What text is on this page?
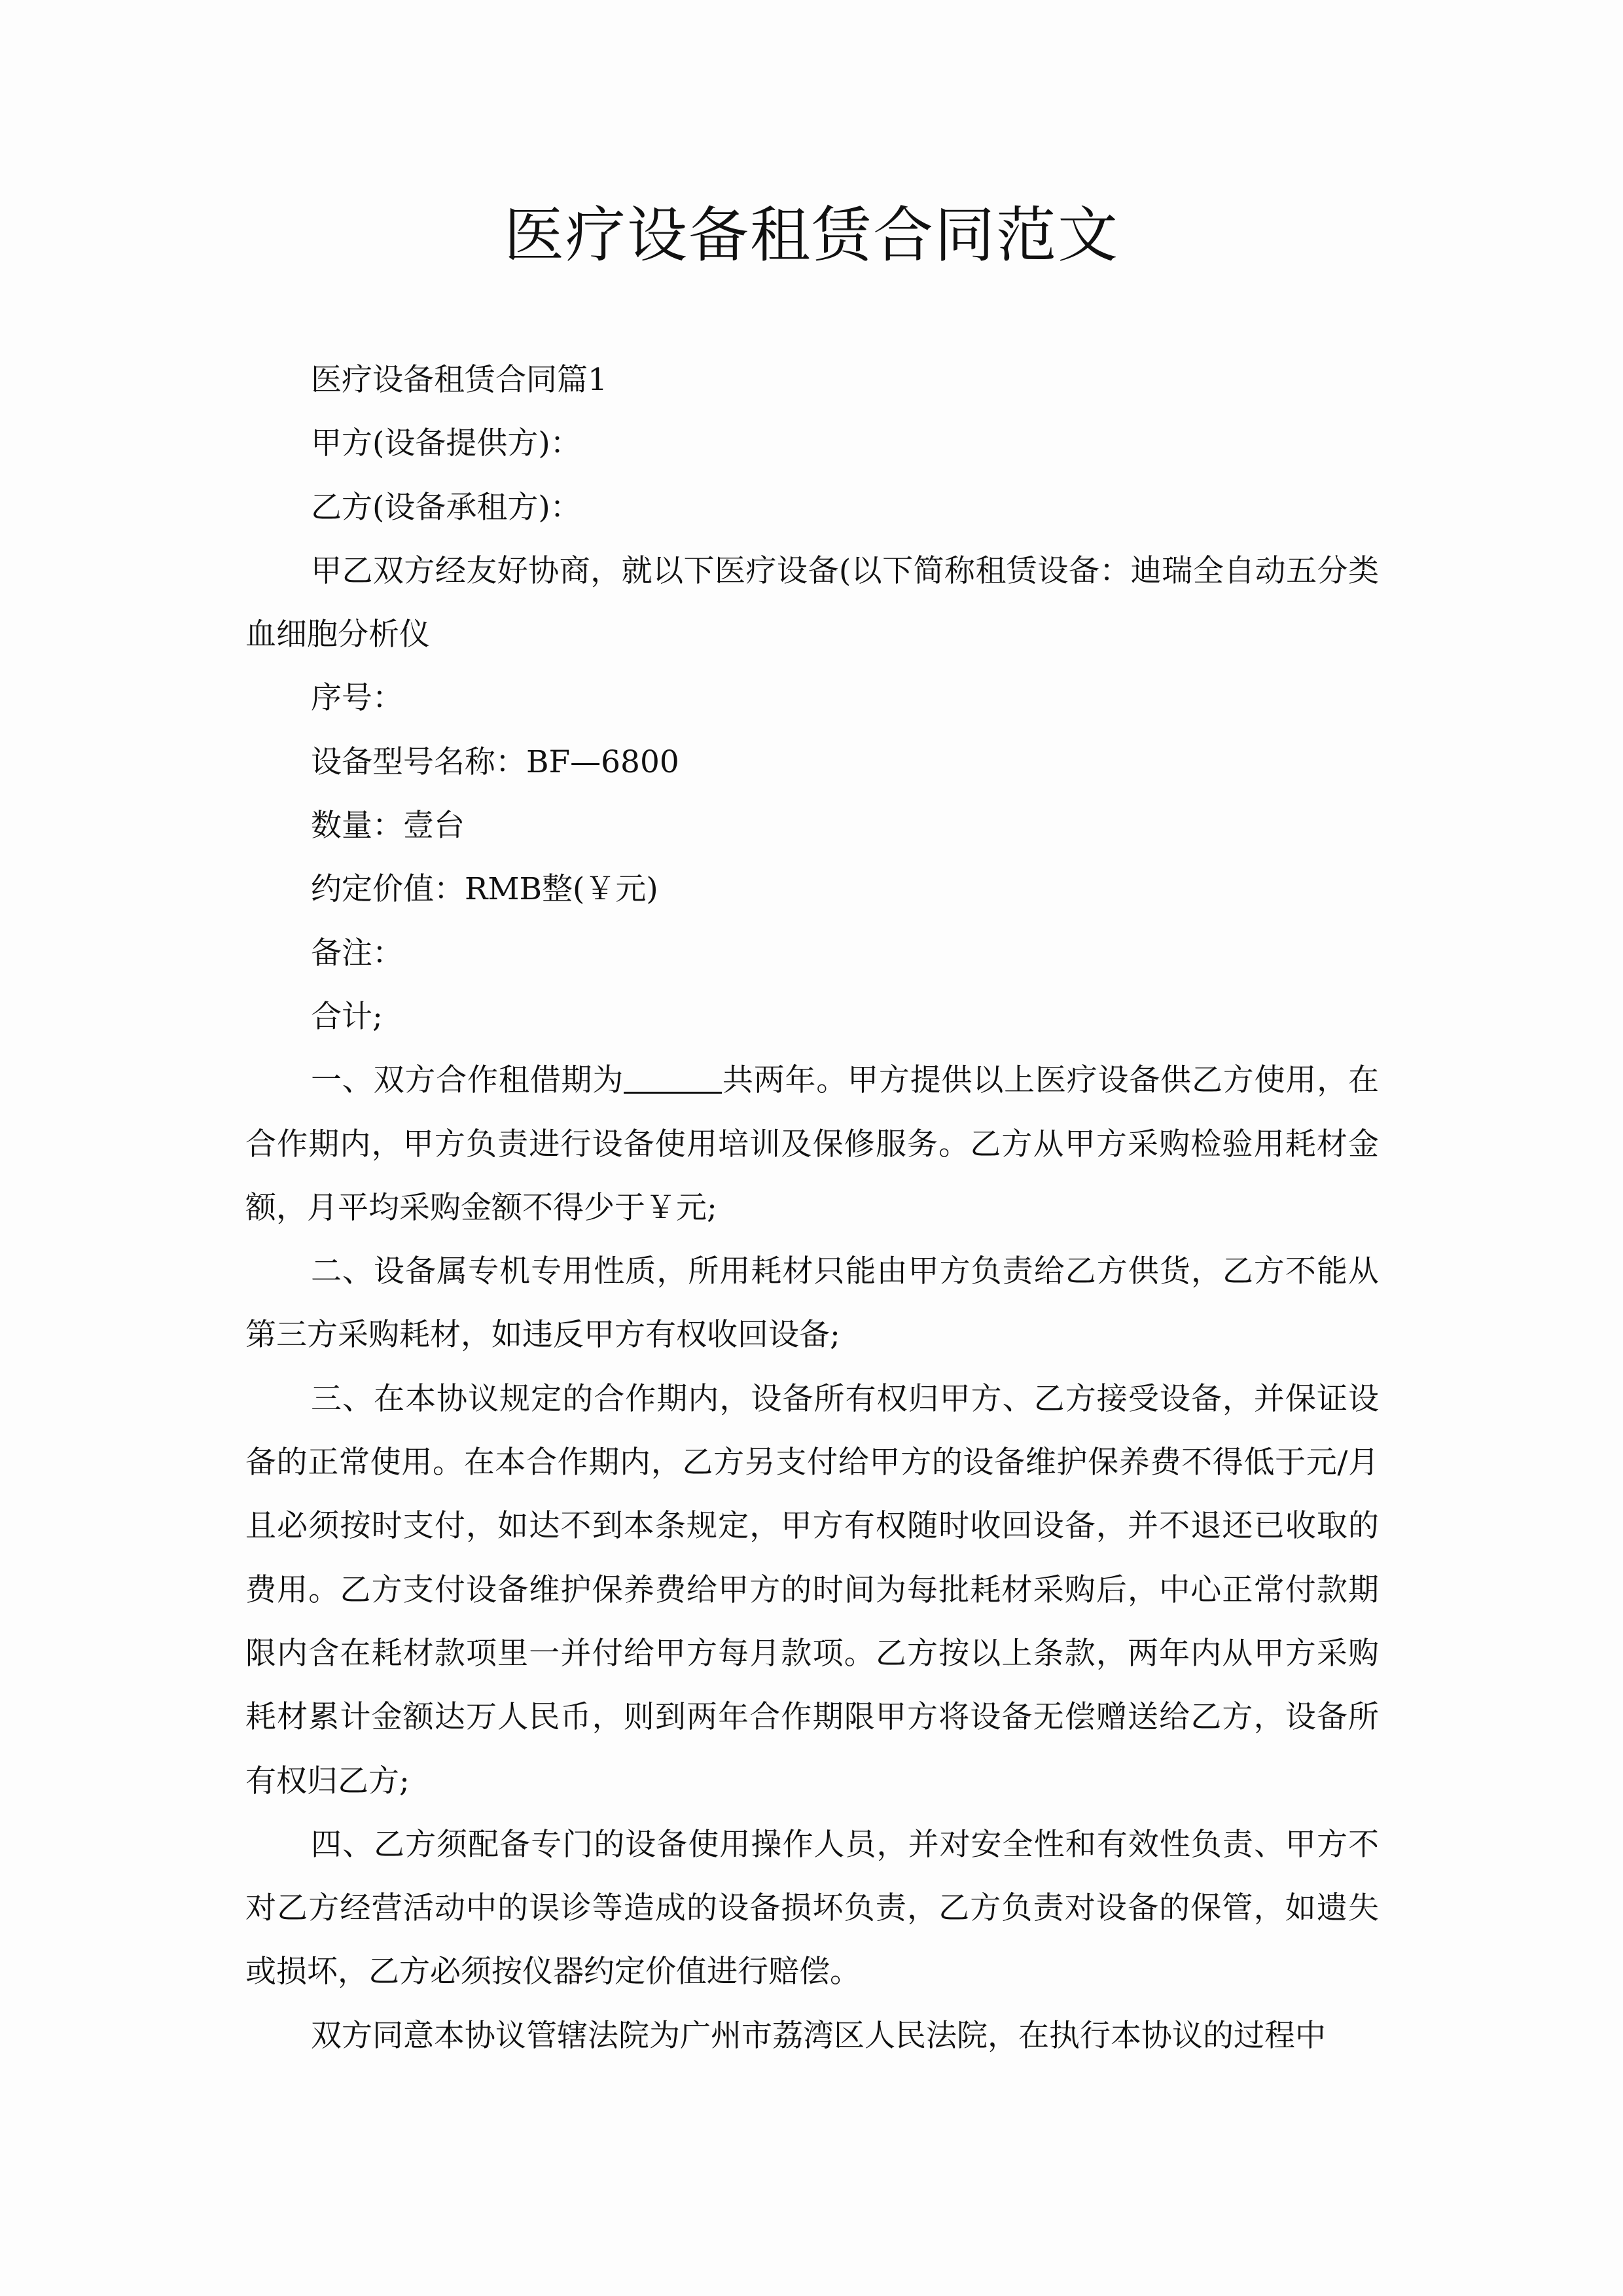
医疗设备租赁合同范文

医疗设备租赁合同篇1

甲方(设备提供方)：

乙方(设备承租方)：

甲乙双方经友好协商，就以下医疗设备(以下简称租赁设备：迪瑞全自动五分类血细胞分析仪

序号：

设备型号名称：BF—6800

数量：壹台

约定价值：RMB整(￥元)

备注：

合计;

一、双方合作租借期为	共两年。甲方提供以上医疗设备供乙方使用，在合作期内，甲方负责进行设备使用培训及保修服务。乙方从甲方采购检验用耗材金额，月平均采购金额不得少于￥元;

二、设备属专机专用性质，所用耗材只能由甲方负责给乙方供货，乙方不能从第三方采购耗材，如违反甲方有权收回设备;

三、在本协议规定的合作期内，设备所有权归甲方、乙方接受设备，并保证设备的正常使用。在本合作期内，乙方另支付给甲方的设备维护保养费不得低于元/月且必须按时支付，如达不到本条规定，甲方有权随时收回设备，并不退还已收取的费用。乙方支付设备维护保养费给甲方的时间为每批耗材采购后，中心正常付款期限内含在耗材款项里一并付给甲方每月款项。乙方按以上条款，两年内从甲方采购耗材累计金额达万人民币，则到两年合作期限甲方将设备无偿赠送给乙方，设备所有权归乙方;

四、乙方须配备专门的设备使用操作人员，并对安全性和有效性负责、甲方不对乙方经营活动中的误诊等造成的设备损坏负责，乙方负责对设备的保管，如遗失或损坏，乙方必须按仪器约定价值进行赔偿。

双方同意本协议管辖法院为广州市荔湾区人民法院，在执行本协议的过程中
